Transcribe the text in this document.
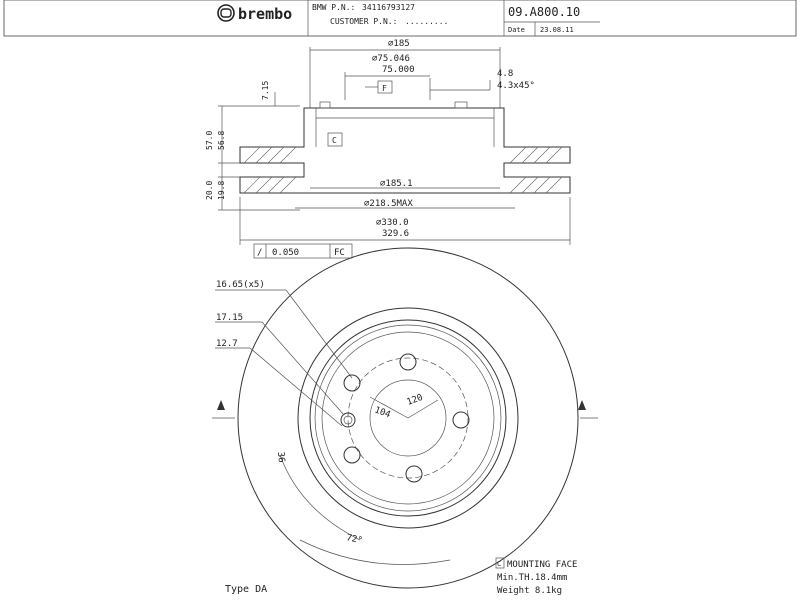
brembo BMW P.N.: 34116793127
CUSTOMER P.N.: .........
09.A800.10
Date 23.08.11
∅185
∅75.046
75.000
7.15
4.8
4.3x45°
F
C
57.0 56.8
20.0 19.8	∅185.1
∅218.5MAX
∅330.0
329.6
/ 0.050	FC
16.65(x5)
17.15
12.7
104
120
36
72°
C MOUNTING FACE
Min.TH.18.4mm
Weight 8.1kg
Type DA
